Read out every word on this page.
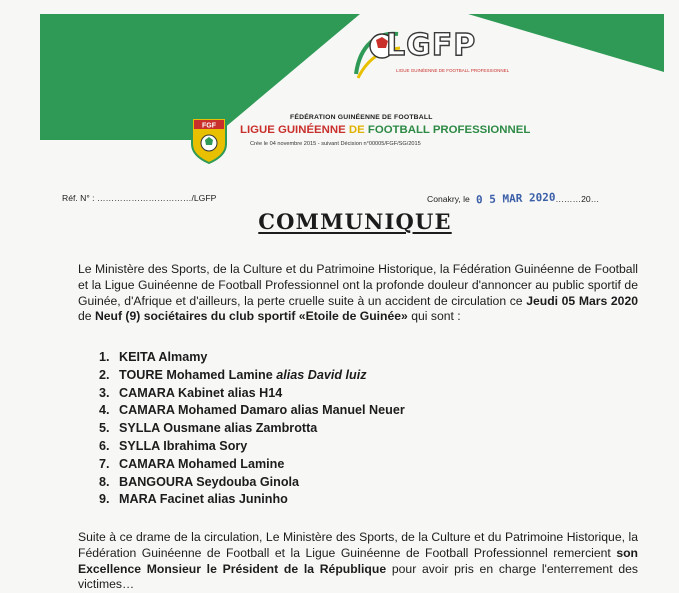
LGFP
LIGUE GUINÉENNE DE FOOTBALL PROFESSIONNEL
FÉDÉRATION GUINÉENNE DE FOOTBALL
FGF LIGUE GUINÉENNE DE FOOTBALL PROFESSIONNEL
Crée le 04 novembre 2015 - suivant Décision n°00005/FGF/SG/2015
Réf. N° : ……………………………/LGFP	Conakry, le 0 5 MAR 2020………20…
COMMUNIQUE
Le Ministère des Sports, de la Culture et du Patrimoine Historique, la Fédération Guinéenne de Football et la Ligue Guinéenne de Football Professionnel ont la profonde douleur d'annoncer au public sportif de Guinée, d'Afrique et d'ailleurs, la perte cruelle suite à un accident de circulation ce Jeudi 05 Mars 2020 de Neuf (9) sociétaires du club sportif «Etoile de Guinée» qui sont :
1. KEITA Almamy
2. TOURE Mohamed Lamine alias David luiz
3. CAMARA Kabinet alias H14
4. CAMARA Mohamed Damaro alias Manuel Neuer
5. SYLLA Ousmane alias Zambrotta
6. SYLLA Ibrahima Sory
7. CAMARA Mohamed Lamine
8. BANGOURA Seydouba Ginola
9. MARA Facinet alias Juninho
Suite à ce drame de la circulation, Le Ministère des Sports, de la Culture et du Patrimoine Historique, la Fédération Guinéenne de Football et la Ligue Guinéenne de Football Professionnel remercient son Excellence Monsieur le Président de la République pour avoir pris en charge l'enterrement des victimes…
